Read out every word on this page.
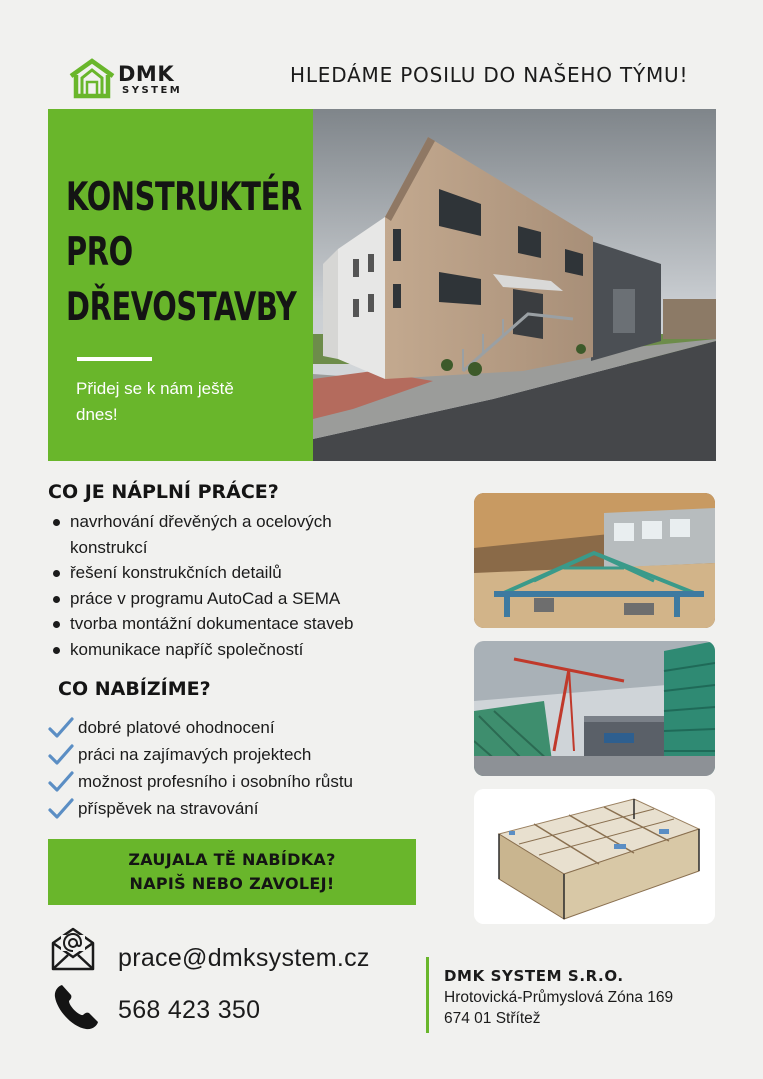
DMK
SYSTEM
HLEDÁME POSILU DO NAŠEHO TÝMU!
KONSTRUKTÉR
PRO
DŘEVOSTAVBY
Přidej se k nám ještě
dnes!
CO JE NÁPLNÍ PRÁCE?
navrhování dřevěných a ocelových
konstrukcí
řešení konstrukčních detailů
práce v programu AutoCad a SEMA
tvorba montážní dokumentace staveb
komunikace napříč společností
CO NABÍZÍME?
dobré platové ohodnocení
práci na zajímavých projektech
možnost profesního i osobního růstu
příspěvek na stravování
ZAUJALA TĚ NABÍDKA?
NAPIŠ NEBO ZAVOLEJ!
prace@dmksystem.cz
568 423 350
DMK SYSTEM S.R.O.
Hrotovická-Průmyslová Zóna 169
674 01 Střítež
